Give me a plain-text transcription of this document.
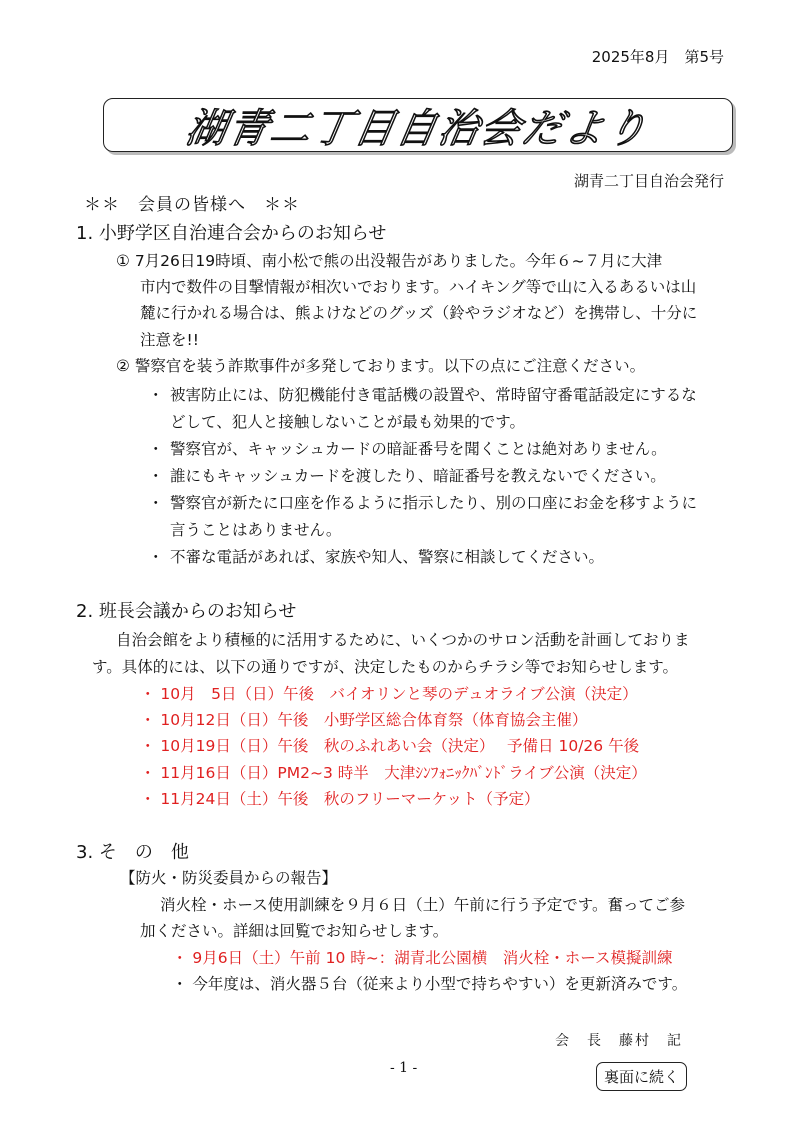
2025年8月　第5号
湖青二丁目自治会だより
湖青二丁目自治会発行
＊＊　会員の皆様へ　＊＊
1. 小野学区自治連合会からのお知らせ
① 7月26日19時頃、南小松で熊の出没報告がありました。今年６~７月に大津
市内で数件の目撃情報が相次いでおります。ハイキング等で山に入るあるいは山
麓に行かれる場合は、熊よけなどのグッズ（鈴やラジオなど）を携帯し、十分に
注意を!!
② 警察官を装う詐欺事件が多発しております。以下の点にご注意ください。
・ 被害防止には、防犯機能付き電話機の設置や、常時留守番電話設定にするな
どして、犯人と接触しないことが最も効果的です。
・ 警察官が、キャッシュカードの暗証番号を聞くことは絶対ありません。
・ 誰にもキャッシュカードを渡したり、暗証番号を教えないでください。
・ 警察官が新たに口座を作るように指示したり、別の口座にお金を移すように
言うことはありません。
・ 不審な電話があれば、家族や知人、警察に相談してください。
2. 班長会議からのお知らせ
自治会館をより積極的に活用するために、いくつかのサロン活動を計画しておりま
す。具体的には、以下の通りですが、決定したものからチラシ等でお知らせします。
・ 10月　5日（日）午後　バイオリンと琴のデュオライブ公演（決定）
・ 10月12日（日）午後　小野学区総合体育祭（体育協会主催）
・ 10月19日（日）午後　秋のふれあい会（決定）　 予備日 10/26 午後
・ 11月16日（日）PM2~3 時半　大津ｼﾝﾌｫﾆｯｸﾊﾞﾝﾄﾞライブ公演（決定）
・ 11月24日（土）午後　秋のフリーマーケット（予定）
3. そ　の　他
【防火・防災委員からの報告】
消火栓・ホース使用訓練を９月６日（土）午前に行う予定です。奮ってご参
加ください。詳細は回覧でお知らせします。
・ 9月6日（土）午前 10 時~：湖青北公園横　消火栓・ホース模擬訓練
・ 今年度は、消火器５台（従来より小型で持ちやすい）を更新済みです。
会　長　藤村　記
- 1 -	裏面に続く
